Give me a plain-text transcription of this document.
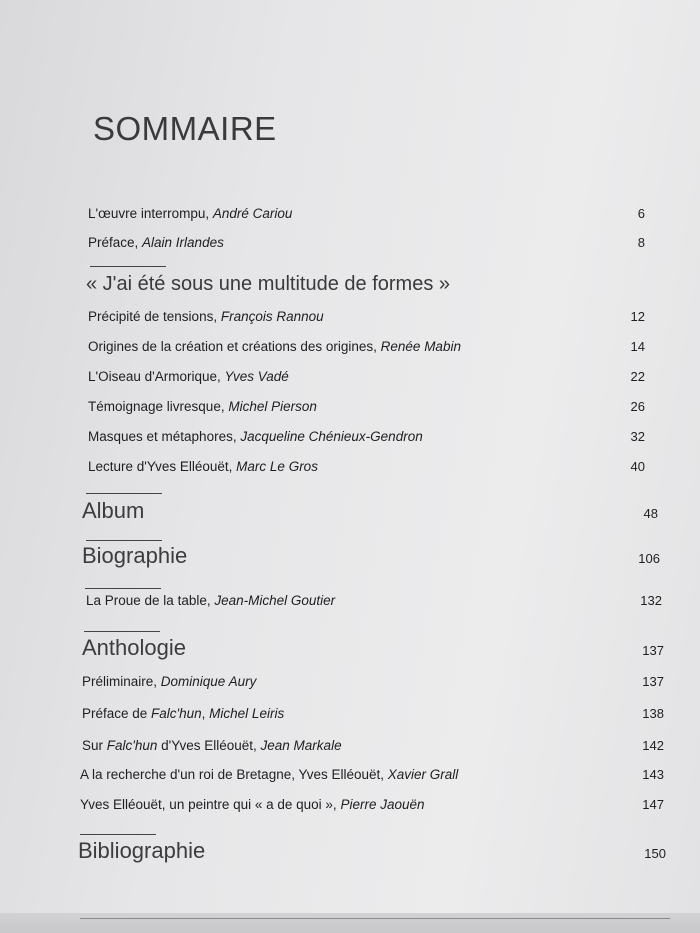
SOMMAIRE
L'œuvre interrompu, André Cariou	6
Préface, Alain Irlandes	8
« J'ai été sous une multitude de formes »
Précipité de tensions, François Rannou	12
Origines de la création et créations des origines, Renée Mabin	14
L'Oiseau d'Armorique, Yves Vadé	22
Témoignage livresque, Michel Pierson	26
Masques et métaphores, Jacqueline Chénieux-Gendron	32
Lecture d'Yves Elléouët, Marc Le Gros	40
Album	48
Biographie	106
La Proue de la table, Jean-Michel Goutier	132
Anthologie	137
Préliminaire, Dominique Aury	137
Préface de Falc'hun, Michel Leiris	138
Sur Falc'hun d'Yves Elléouët, Jean Markale	142
A la recherche d'un roi de Bretagne, Yves Elléouët, Xavier Grall	143
Yves Elléouët, un peintre qui « a de quoi », Pierre Jaouën	147
Bibliographie	150
